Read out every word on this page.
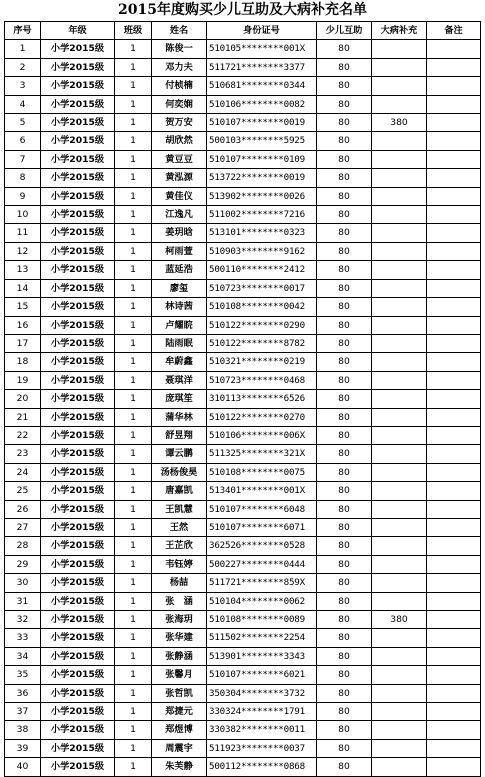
2015年度购买少儿互助及大病补充名单
序号	年级	班级	姓名	身份证号	少儿互助	大病补充	备注
1	小学2015级	1	陈俊一	510105********001X	80		
2	小学2015级	1	邓力夫	511721********3377	80		
3	小学2015级	1	付桢楠	510681********0344	80		
4	小学2015级	1	何奕娴	510106********0082	80		
5	小学2015级	1	贺万安	510107********0019	80	380	
6	小学2015级	1	胡欣然	500103********5925	80		
7	小学2015级	1	黄豆豆	510107********0109	80		
8	小学2015级	1	黄泓源	513722********0019	80		
9	小学2015级	1	黄佳仪	513902********0026	80		
10	小学2015级	1	江逸凡	511002********7216	80		
11	小学2015级	1	姜玥晗	513101********0323	80		
12	小学2015级	1	柯雨萱	510903********9162	80		
13	小学2015级	1	蓝延浩	500110********2412	80		
14	小学2015级	1	廖玺	510723********0017	80		
15	小学2015级	1	林诗茜	510108********0042	80		
16	小学2015级	1	卢耀睆	510122********0290	80		
17	小学2015级	1	陆雨眠	510122********8782	80		
18	小学2015级	1	牟蔚鑫	510321********0219	80		
19	小学2015级	1	聂琪洋	510723********0468	80		
20	小学2015级	1	庞琪笙	310113********6526	80		
21	小学2015级	1	蒲华林	510122********0270	80		
22	小学2015级	1	舒昱翔	510106********006X	80		
23	小学2015级	1	谭云鹏	511325********321X	80		
24	小学2015级	1	汤杨俊昊	510108********0075	80		
25	小学2015级	1	唐嘉凯	513401********001X	80		
26	小学2015级	1	王凯慧	510107********6048	80		
27	小学2015级	1	王然	510107********6071	80		
28	小学2015级	1	王芷欣	362526********0528	80		
29	小学2015级	1	韦钰婷	500227********0444	80		
30	小学2015级	1	杨喆	511721********859X	80		
31	小学2015级	1	张　涵	510104********0062	80		
32	小学2015级	1	张海玥	510108********0089	80	380	
33	小学2015级	1	张华建	511502********2254	80		
34	小学2015级	1	张静涵	513901********3343	80		
35	小学2015级	1	张馨月	510107********6021	80		
36	小学2015级	1	张哲凯	350304********3732	80		
37	小学2015级	1	郑捷元	330324********1791	80		
38	小学2015级	1	郑煜博	330382********0011	80		
39	小学2015级	1	周震宇	511923********0037	80		
40	小学2015级	1	朱芙静	500112********0868	80		
